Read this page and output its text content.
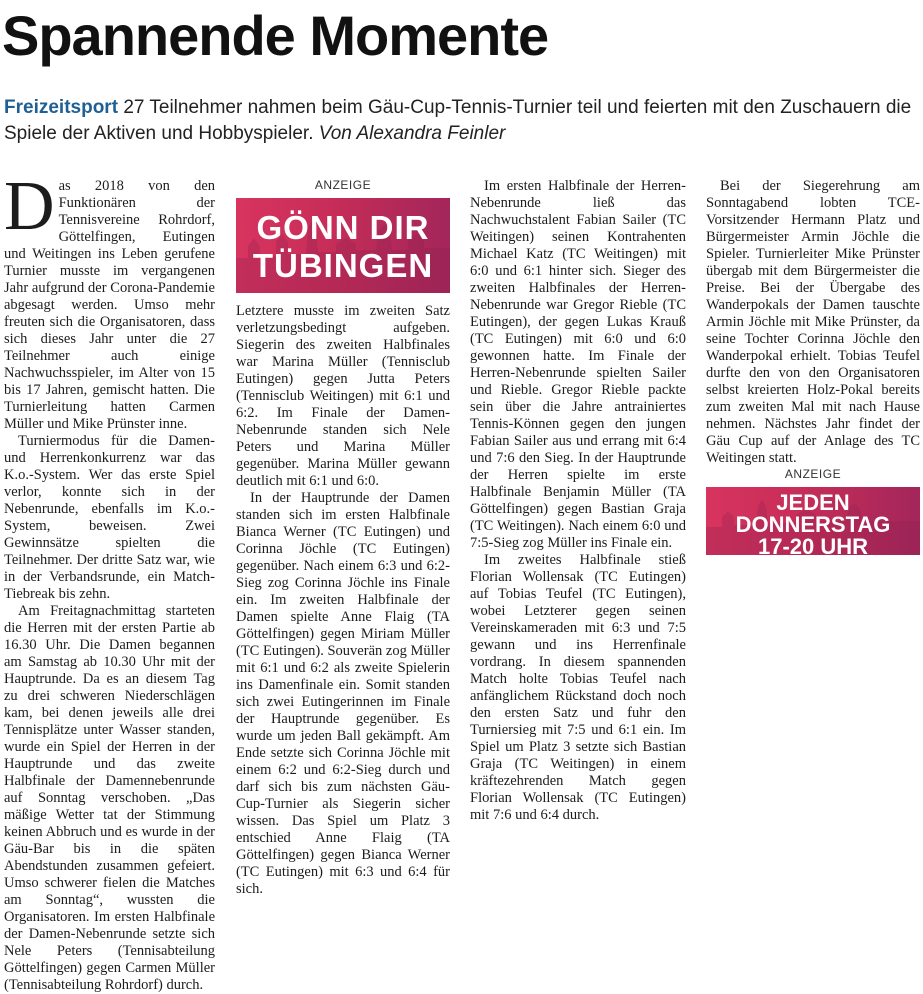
Spannende Momente
Freizeitsport 27 Teilnehmer nahmen beim Gäu-Cup-Tennis-Turnier teil und feierten mit den Zuschauern die Spiele der Aktiven und Hobbyspieler. Von Alexandra Feinler

Das 2018 von den Funktionären der Tennisvereine Rohrdorf, Göttelfingen, Eutingen und Weitingen ins Leben gerufene Turnier musste im vergangenen Jahr aufgrund der Corona-Pandemie abgesagt werden. Umso mehr freuten sich die Organisatoren, dass sich dieses Jahr unter die 27 Teilnehmer auch einige Nachwuchsspieler, im Alter von 15 bis 17 Jahren, gemischt hatten. Die Turnierleitung hatten Carmen Müller und Mike Prünster inne.

Turniermodus für die Damen- und Herrenkonkurrenz war das K.o.-System. Wer das erste Spiel verlor, konnte sich in der Nebenrunde, ebenfalls im K.o.-System, beweisen. Zwei Gewinnsätze spielten die Teilnehmer. Der dritte Satz war, wie in der Verbandsrunde, ein Match-Tiebreak bis zehn.

Am Freitagnachmittag starteten die Herren mit der ersten Partie ab 16.30 Uhr. Die Damen begannen am Samstag ab 10.30 Uhr mit der Hauptrunde. Da es an diesem Tag zu drei schweren Niederschlägen kam, bei denen jeweils alle drei Tennisplätze unter Wasser standen, wurde ein Spiel der Herren in der Hauptrunde und das zweite Halbfinale der Damennebenrunde auf Sonntag verschoben. „Das mäßige Wetter tat der Stimmung keinen Abbruch und es wurde in der Gäu-Bar bis in die späten Abendstunden zusammen gefeiert. Umso schwerer fielen die Matches am Sonntag“, wussten die Organisatoren. Im ersten Halbfinale der Damen-Nebenrunde setzte sich Nele Peters (Tennisabteilung Göttelfingen) gegen Carmen Müller (Tennisabteilung Rohrdorf) durch.

ANZEIGE
GÖNN DIR
TÜBINGEN

Letztere musste im zweiten Satz verletzungsbedingt aufgeben. Siegerin des zweiten Halbfinales war Marina Müller (Tennisclub Eutingen) gegen Jutta Peters (Tennisclub Weitingen) mit 6:1 und 6:2. Im Finale der Damen-Nebenrunde standen sich Nele Peters und Marina Müller gegenüber. Marina Müller gewann deutlich mit 6:1 und 6:0.

In der Hauptrunde der Damen standen sich im ersten Halbfinale Bianca Werner (TC Eutingen) und Corinna Jöchle (TC Eutingen) gegenüber. Nach einem 6:3 und 6:2-Sieg zog Corinna Jöchle ins Finale ein. Im zweiten Halbfinale der Damen spielte Anne Flaig (TA Göttelfingen) gegen Miriam Müller (TC Eutingen). Souverän zog Müller mit 6:1 und 6:2 als zweite Spielerin ins Damenfinale ein. Somit standen sich zwei Eutingerinnen im Finale der Hauptrunde gegenüber. Es wurde um jeden Ball gekämpft. Am Ende setzte sich Corinna Jöchle mit einem 6:2 und 6:2-Sieg durch und darf sich bis zum nächsten Gäu-Cup-Turnier als Siegerin sicher wissen. Das Spiel um Platz 3 entschied Anne Flaig (TA Göttelfingen) gegen Bianca Werner (TC Eutingen) mit 6:3 und 6:4 für sich.

Im ersten Halbfinale der Herren-Nebenrunde ließ das Nachwuchstalent Fabian Sailer (TC Weitingen) seinen Kontrahenten Michael Katz (TC Weitingen) mit 6:0 und 6:1 hinter sich. Sieger des zweiten Halbfinales der Herren-Nebenrunde war Gregor Rieble (TC Eutingen), der gegen Lukas Krauß (TC Eutingen) mit 6:0 und 6:0 gewonnen hatte. Im Finale der Herren-Nebenrunde spielten Sailer und Rieble. Gregor Rieble packte sein über die Jahre antrainiertes Tennis-Können gegen den jungen Fabian Sailer aus und errang mit 6:4 und 7:6 den Sieg. In der Hauptrunde der Herren spielte im erste Halbfinale Benjamin Müller (TA Göttelfingen) gegen Bastian Graja (TC Weitingen). Nach einem 6:0 und 7:5-Sieg zog Müller ins Finale ein.

Im zweites Halbfinale stieß Florian Wollensak (TC Eutingen) auf Tobias Teufel (TC Eutingen), wobei Letzterer gegen seinen Vereinskameraden mit 6:3 und 7:5 gewann und ins Herrenfinale vordrang. In diesem spannenden Match holte Tobias Teufel nach anfänglichem Rückstand doch noch den ersten Satz und fuhr den Turniersieg mit 7:5 und 6:1 ein. Im Spiel um Platz 3 setzte sich Bastian Graja (TC Weitingen) in einem kräftezehrenden Match gegen Florian Wollensak (TC Eutingen) mit 7:6 und 6:4 durch.

Bei der Siegerehrung am Sonntagabend lobten TCE-Vorsitzender Hermann Platz und Bürgermeister Armin Jöchle die Spieler. Turnierleiter Mike Prünster übergab mit dem Bürgermeister die Preise. Bei der Übergabe des Wanderpokals der Damen tauschte Armin Jöchle mit Mike Prünster, da seine Tochter Corinna Jöchle den Wanderpokal erhielt. Tobias Teufel durfte den von den Organisatoren selbst kreierten Holz-Pokal bereits zum zweiten Mal mit nach Hause nehmen. Nächstes Jahr findet der Gäu Cup auf der Anlage des TC Weitingen statt.

ANZEIGE
JEDEN
DONNERSTAG
17-20 UHR
